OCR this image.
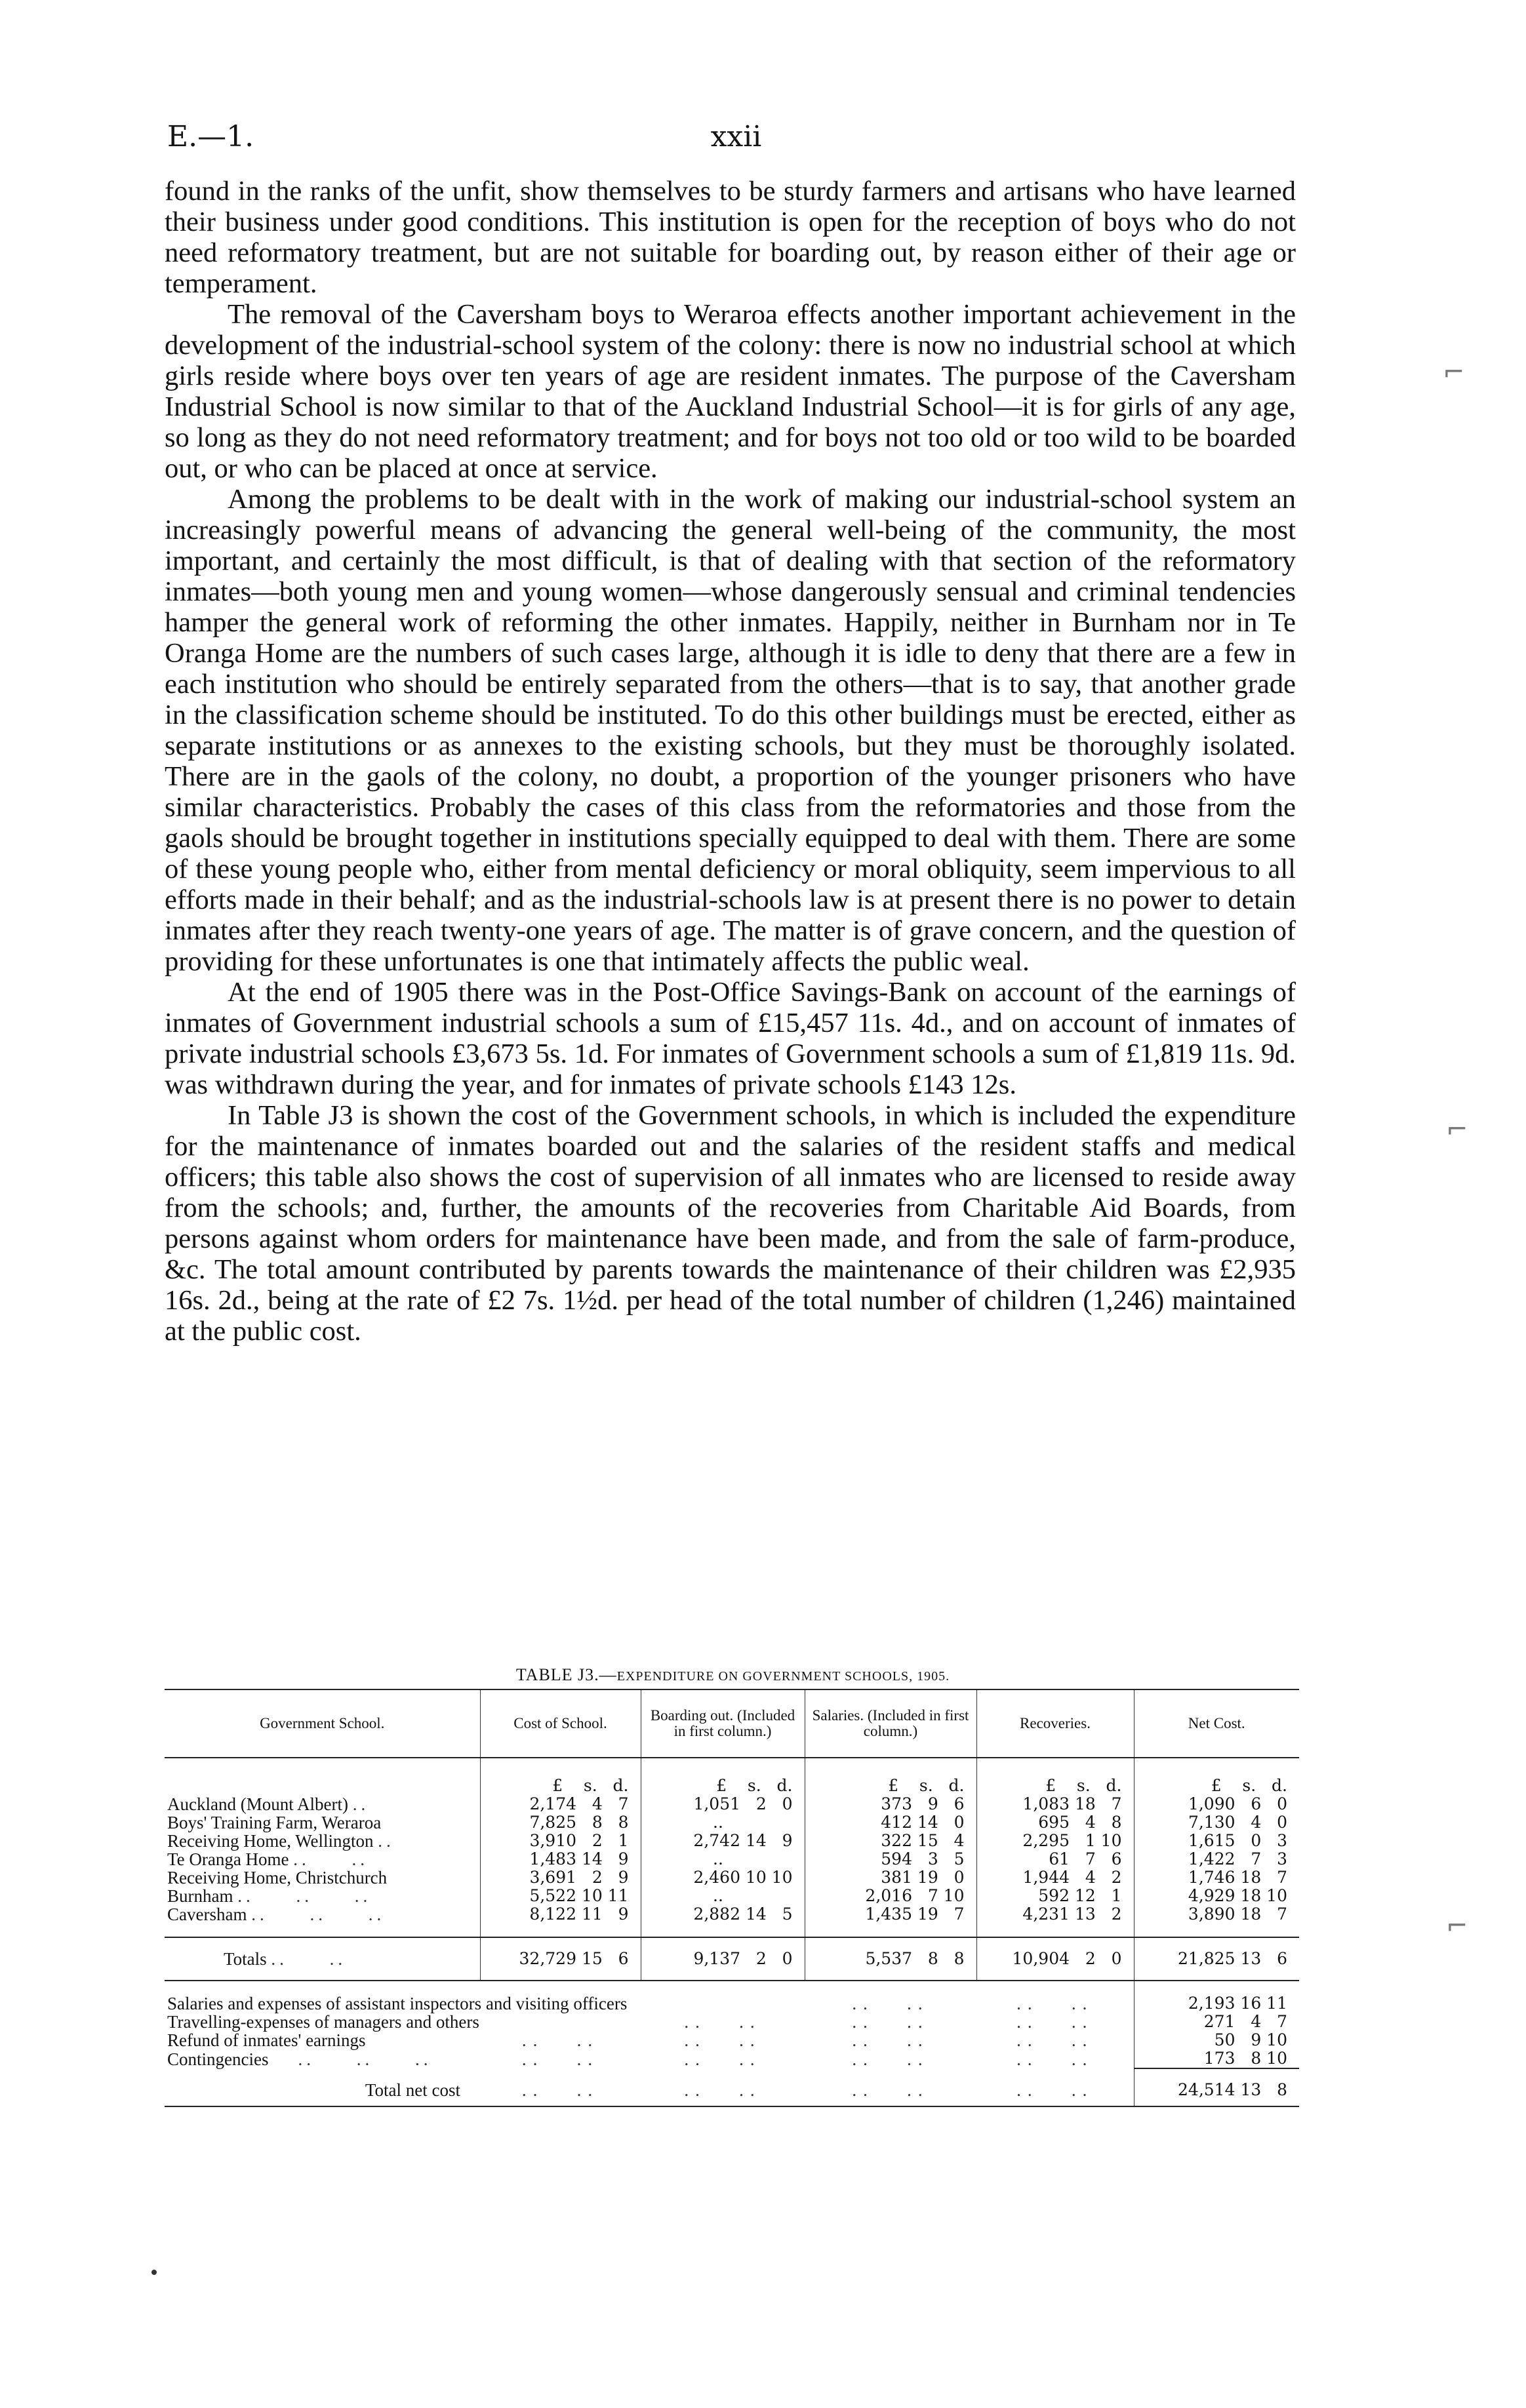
E.—1.	xxii

found in the ranks of the unfit, show themselves to be sturdy farmers and artisans who have learned their business under good conditions. This institution is open for the reception of boys who do not need reformatory treatment, but are not suitable for boarding out, by reason either of their age or temperament.

The removal of the Caversham boys to Weraroa effects another important achievement in the development of the industrial-school system of the colony: there is now no industrial school at which girls reside where boys over ten years of age are resident inmates. The purpose of the Caversham Industrial School is now similar to that of the Auckland Industrial School—it is for girls of any age, so long as they do not need reformatory treatment; and for boys not too old or too wild to be boarded out, or who can be placed at once at service.

Among the problems to be dealt with in the work of making our industrial-school system an increasingly powerful means of advancing the general well-being of the community, the most important, and certainly the most difficult, is that of dealing with that section of the reformatory inmates—both young men and young women—whose dangerously sensual and criminal tendencies hamper the general work of reforming the other inmates. Happily, neither in Burnham nor in Te Oranga Home are the numbers of such cases large, although it is idle to deny that there are a few in each institution who should be entirely separated from the others—that is to say, that another grade in the classification scheme should be instituted. To do this other buildings must be erected, either as separate institutions or as annexes to the existing schools, but they must be thoroughly isolated. There are in the gaols of the colony, no doubt, a proportion of the younger prisoners who have similar characteristics. Probably the cases of this class from the reformatories and those from the gaols should be brought together in institutions specially equipped to deal with them. There are some of these young people who, either from mental deficiency or moral obliquity, seem impervious to all efforts made in their behalf; and as the industrial-schools law is at present there is no power to detain inmates after they reach twenty-one years of age. The matter is of grave concern, and the question of providing for these unfortunates is one that intimately affects the public weal.

At the end of 1905 there was in the Post-Office Savings-Bank on account of the earnings of inmates of Government industrial schools a sum of £15,457 11s. 4d., and on account of inmates of private industrial schools £3,673 5s. 1d. For inmates of Government schools a sum of £1,819 11s. 9d. was withdrawn during the year, and for inmates of private schools £143 12s.

In Table J3 is shown the cost of the Government schools, in which is included the expenditure for the maintenance of inmates boarded out and the salaries of the resident staffs and medical officers; this table also shows the cost of supervision of all inmates who are licensed to reside away from the schools; and, further, the amounts of the recoveries from Charitable Aid Boards, from persons against whom orders for maintenance have been made, and from the sale of farm-produce, &c. The total amount contributed by parents towards the maintenance of their children was £2,935 16s. 2d., being at the rate of £2 7s. 1½d. per head of the total number of children (1,246) maintained at the public cost.

TABLE J3.—EXPENDITURE ON GOVERNMENT SCHOOLS, 1905.
Government School.	Cost of School.	Boarding out. (Included in first column.)	Salaries. (Included in first column.)	Recoveries.	Net Cost.
	£    s.   d.	£    s.   d.	£    s.   d.	£    s.   d.	£    s.   d.
Auckland (Mount Albert) ..	2,174   4   7	1,051   2   0	373   9   6	1,083 18   7	1,090   6   0
Boys' Training Farm, Weraroa	7,825   8   8	..	412 14   0	695   4   8	7,130   4   0
Receiving Home, Wellington ..	3,910   2   1	2,742 14   9	322 15   4	2,295   1 10	1,615   0   3
Te Oranga Home ..     ..	1,483 14   9	..	594   3   5	61   7   6	1,422   7   3
Receiving Home, Christchurch	3,691   2   9	2,460 10 10	381 19   0	1,944   4   2	1,746 18   7
Burnham ..     ..     ..	5,522 10 11	..	2,016   7 10	592 12   1	4,929 18 10
Caversham ..     ..     ..	8,122 11   9	2,882 14   5	1,435 19   7	4,231 13   2	3,890 18   7

Totals ..     ..	32,729 15   6	9,137   2   0	5,537   8   8	10,904   2   0	21,825 13   6

Salaries and expenses of assistant inspectors and visiting officers			..   ..	..   ..	2,193 16 11
Travelling-expenses of managers and others		..   ..	..   ..	..   ..	271   4   7
Refund of inmates' earnings	..   ..	..   ..	..   ..	..   ..	50   9 10
Contingencies    ..     ..     ..	..   ..	..   ..	..   ..	..   ..	173   8 10
Total net cost	..   ..	..   ..	..   ..	..   ..	24,514 13   8
⌐
⌐
⌐
